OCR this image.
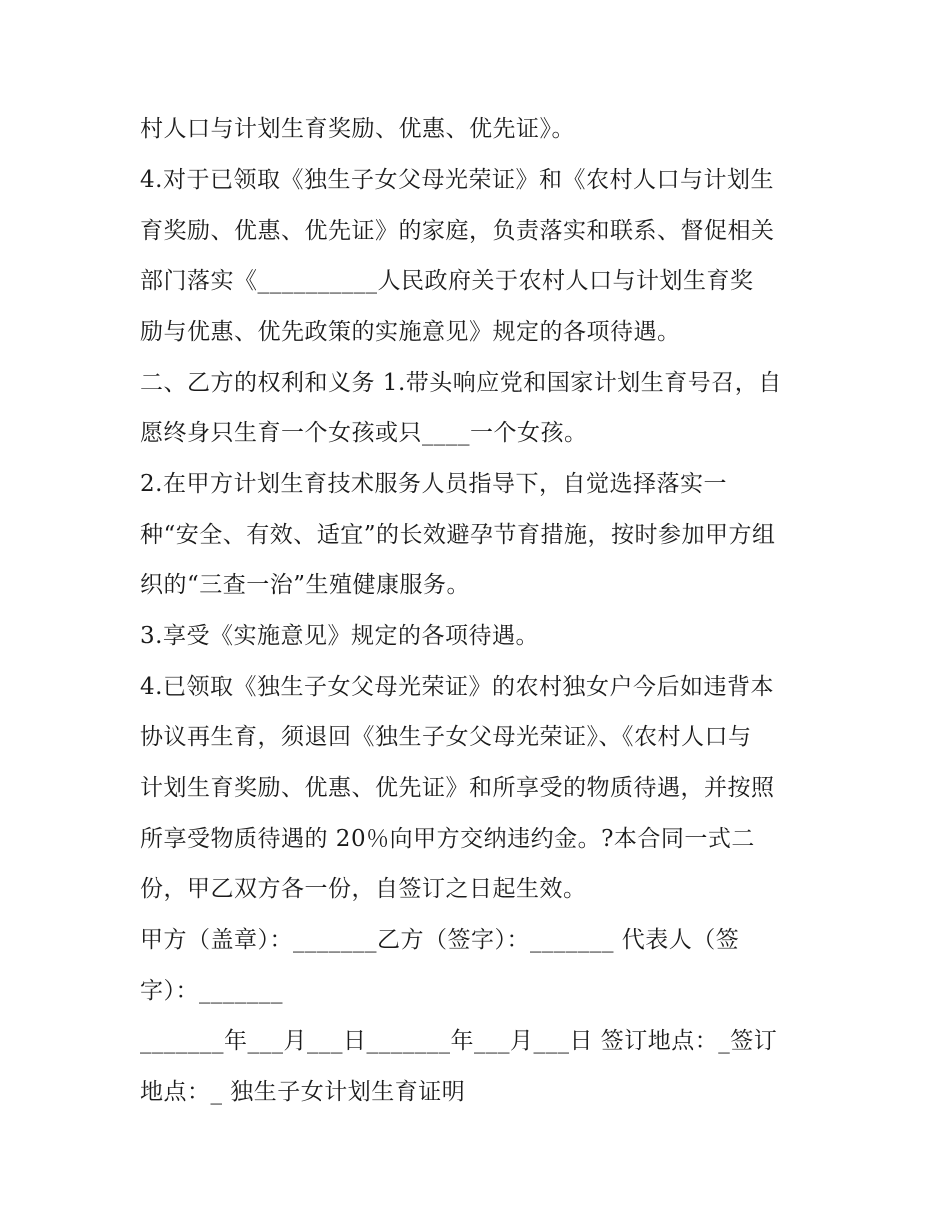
村人口与计划生育奖励、优惠、优先证》。
4.对于已领取《独生子女父母光荣证》和《农村人口与计划生
育奖励、优惠、优先证》的家庭，负责落实和联系、督促相关
部门落实《__________人民政府关于农村人口与计划生育奖
励与优惠、优先政策的实施意见》规定的各项待遇。
二、乙方的权利和义务 1.带头响应党和国家计划生育号召，自
愿终身只生育一个女孩或只____一个女孩。
2.在甲方计划生育技术服务人员指导下，自觉选择落实一
种“安全、有效、适宜”的长效避孕节育措施，按时参加甲方组
织的“三查一治”生殖健康服务。
3.享受《实施意见》规定的各项待遇。
4.已领取《独生子女父母光荣证》的农村独女户今后如违背本
协议再生育，须退回《独生子女父母光荣证》、《农村人口与
计划生育奖励、优惠、优先证》和所享受的物质待遇，并按照
所享受物质待遇的 20％向甲方交纳违约金。?本合同一式二
份，甲乙双方各一份，自签订之日起生效。
甲方（盖章）：_______乙方（签字）：_______ 代表人（签
字）：_______
_______年___月___日_______年___月___日 签订地点：_签订
地点：_ 独生子女计划生育证明
